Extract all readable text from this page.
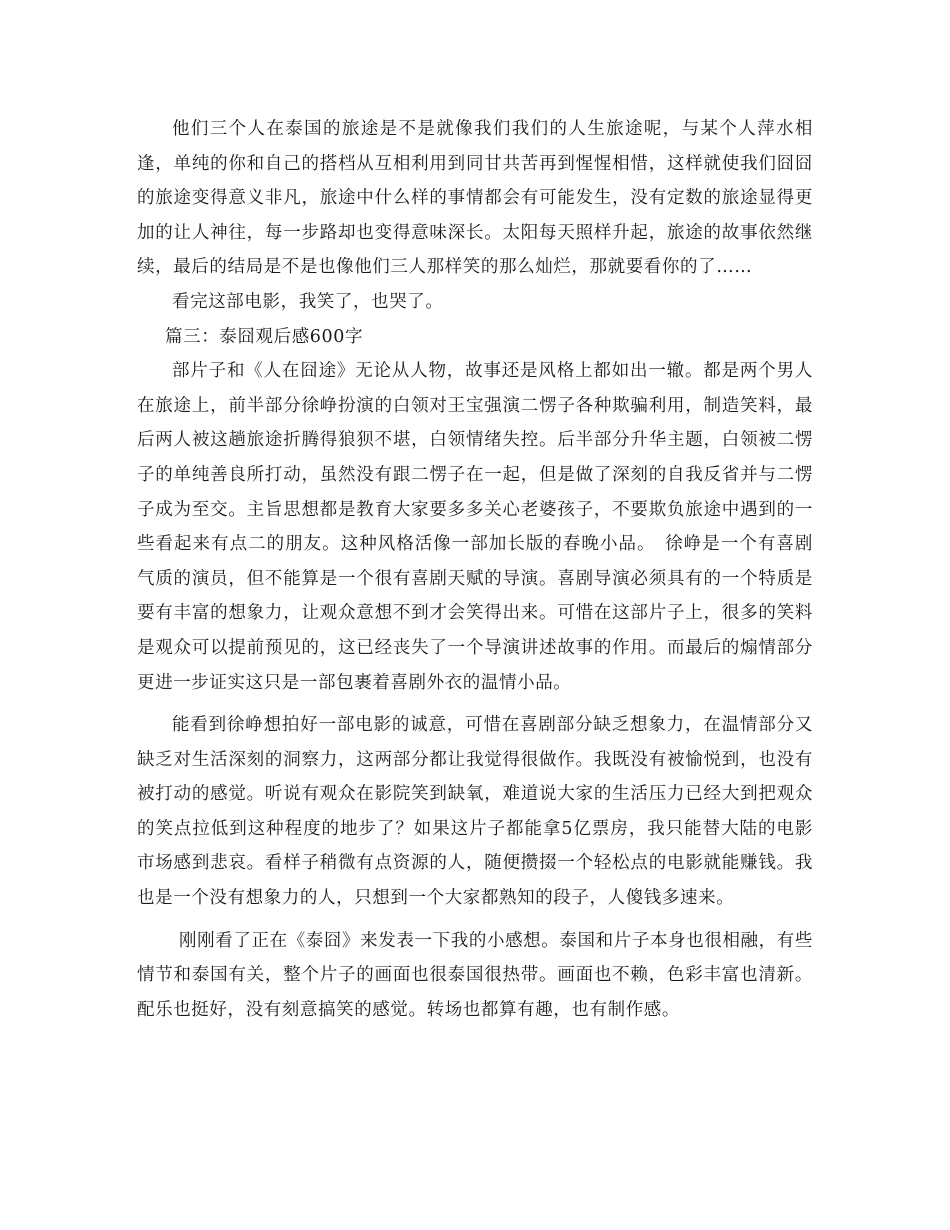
他们三个人在泰国的旅途是不是就像我们我们的人生旅途呢，与某个人萍水相逢，单纯的你和自己的搭档从互相利用到同甘共苦再到惺惺相惜，这样就使我们囧囧的旅途变得意义非凡，旅途中什么样的事情都会有可能发生，没有定数的旅途显得更加的让人神往，每一步路却也变得意味深长。太阳每天照样升起，旅途的故事依然继续，最后的结局是不是也像他们三人那样笑的那么灿烂，那就要看你的了……

看完这部电影，我笑了，也哭了。

篇三：泰囧观后感600字

部片子和《人在囧途》无论从人物，故事还是风格上都如出一辙。都是两个男人在旅途上，前半部分徐峥扮演的白领对王宝强演二愣子各种欺骗利用，制造笑料，最后两人被这趟旅途折腾得狼狈不堪，白领情绪失控。后半部分升华主题，白领被二愣子的单纯善良所打动，虽然没有跟二愣子在一起，但是做了深刻的自我反省并与二愣子成为至交。主旨思想都是教育大家要多多关心老婆孩子，不要欺负旅途中遇到的一些看起来有点二的朋友。这种风格活像一部加长版的春晚小品。　徐峥是一个有喜剧气质的演员，但不能算是一个很有喜剧天赋的导演。喜剧导演必须具有的一个特质是要有丰富的想象力，让观众意想不到才会笑得出来。可惜在这部片子上，很多的笑料是观众可以提前预见的，这已经丧失了一个导演讲述故事的作用。而最后的煽情部分更进一步证实这只是一部包裹着喜剧外衣的温情小品。

能看到徐峥想拍好一部电影的诚意，可惜在喜剧部分缺乏想象力，在温情部分又缺乏对生活深刻的洞察力，这两部分都让我觉得很做作。我既没有被愉悦到，也没有被打动的感觉。听说有观众在影院笑到缺氧，难道说大家的生活压力已经大到把观众的笑点拉低到这种程度的地步了？如果这片子都能拿5亿票房，我只能替大陆的电影市场感到悲哀。看样子稍微有点资源的人，随便攒掇一个轻松点的电影就能赚钱。我也是一个没有想象力的人，只想到一个大家都熟知的段子，人傻钱多速来。

刚刚看了正在《泰囧》来发表一下我的小感想。泰国和片子本身也很相融，有些情节和泰国有关，整个片子的画面也很泰国很热带。画面也不赖，色彩丰富也清新。配乐也挺好，没有刻意搞笑的感觉。转场也都算有趣，也有制作感。
